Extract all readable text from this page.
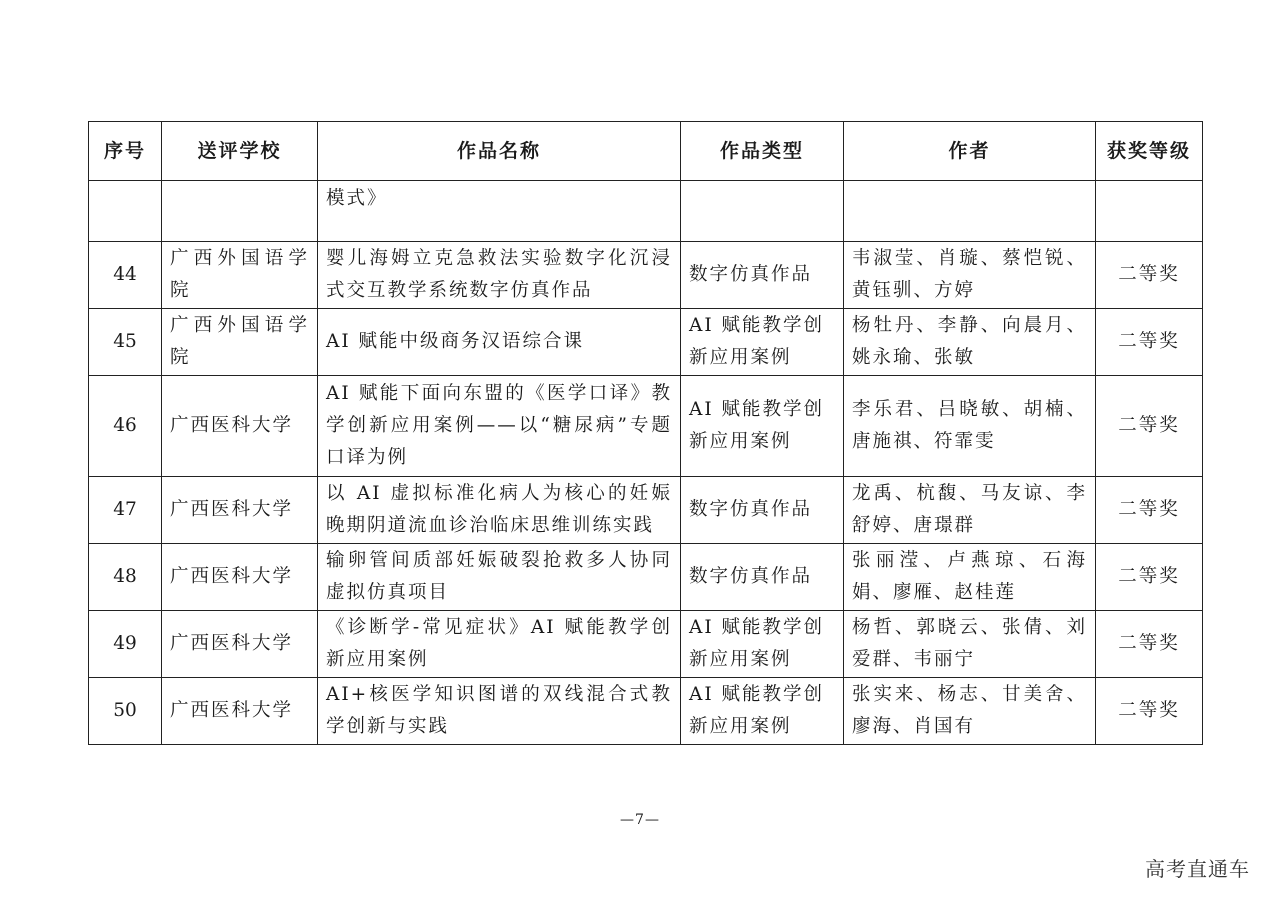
序号	送评学校	作品名称	作品类型	作者	获奖等级
		模式》			
44	广西外国语学院	婴儿海姆立克急救法实验数字化沉浸式交互教学系统数字仿真作品	数字仿真作品	韦淑莹、肖璇、蔡恺锐、黄钰驯、方婷	二等奖
45	广西外国语学院	AI 赋能中级商务汉语综合课	AI 赋能教学创新应用案例	杨牡丹、李静、向晨月、姚永瑜、张敏	二等奖
46	广西医科大学	AI 赋能下面向东盟的《医学口译》教学创新应用案例——以“糖尿病”专题口译为例	AI 赋能教学创新应用案例	李乐君、吕晓敏、胡楠、唐施祺、符霏雯	二等奖
47	广西医科大学	以 AI 虚拟标准化病人为核心的妊娠晚期阴道流血诊治临床思维训练实践	数字仿真作品	龙禹、杭馥、马友谅、李舒婷、唐璟群	二等奖
48	广西医科大学	输卵管间质部妊娠破裂抢救多人协同虚拟仿真项目	数字仿真作品	张丽滢、卢燕琼、石海娟、廖雁、赵桂莲	二等奖
49	广西医科大学	《诊断学-常见症状》AI 赋能教学创新应用案例	AI 赋能教学创新应用案例	杨哲、郭晓云、张倩、刘爱群、韦丽宁	二等奖
50	广西医科大学	AI+核医学知识图谱的双线混合式教学创新与实践	AI 赋能教学创新应用案例	张实来、杨志、甘美舍、廖海、肖国有	二等奖
—7—
高考直通车
